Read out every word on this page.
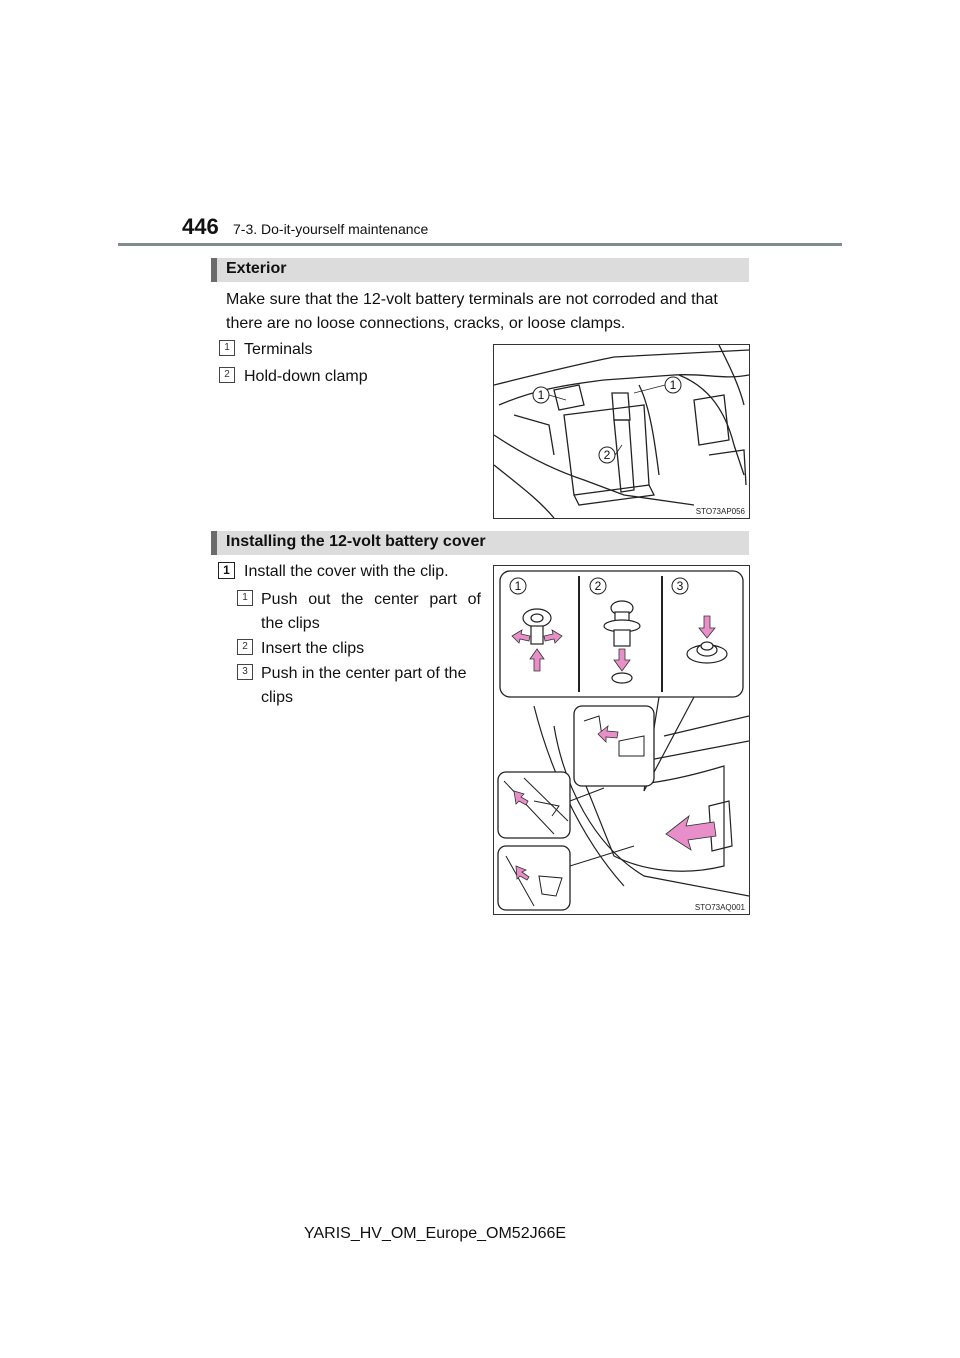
446 7-3. Do-it-yourself maintenance
Exterior
Make sure that the 12-volt battery terminals are not corroded and that
there are no loose connections, cracks, or loose clamps.
1 Terminals
2 Hold-down clamp
1
1
2
STO73AP056
Installing the 12-volt battery cover
1 Install the cover with the clip.
1 Push out the center part of
the clips
2 Insert the clips
3 Push in the center part of the
clips
1	2	3
STO73AQ001
YARIS_HV_OM_Europe_OM52J66E
